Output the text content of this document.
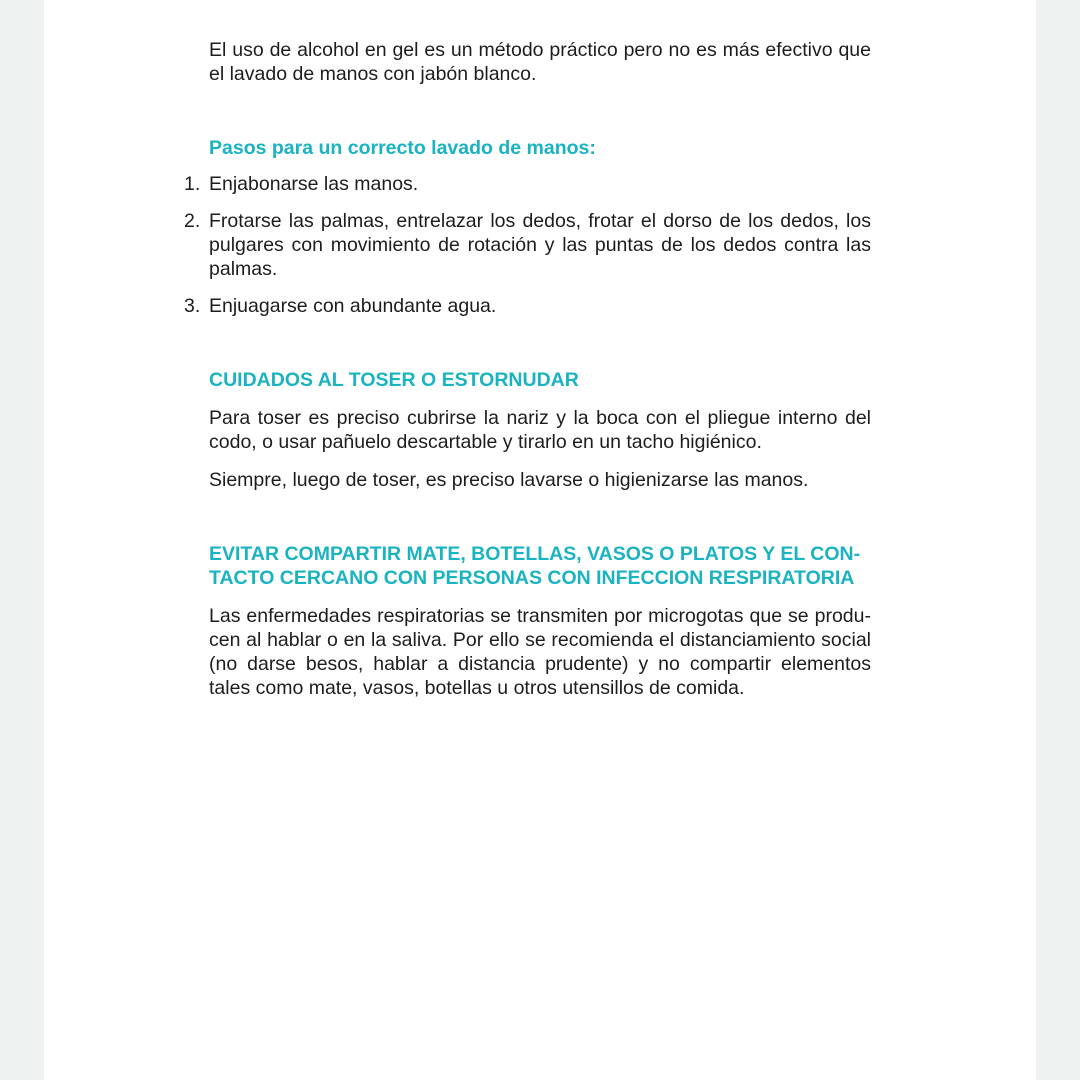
El uso de alcohol en gel es un método práctico pero no es más efectivo que el lavado de manos con jabón blanco.

Pasos para un correcto lavado de manos:
1. Enjabonarse las manos.
2. Frotarse las palmas, entrelazar los dedos, frotar el dorso de los dedos, los pulgares con movimiento de rotación y las puntas de los dedos contra las palmas.
3. Enjuagarse con abundante agua.
CUIDADOS AL TOSER O ESTORNUDAR

Para toser es preciso cubrirse la nariz y la boca con el pliegue interno del codo, o usar pañuelo descartable y tirarlo en un tacho higiénico.

Siempre, luego de toser, es preciso lavarse o higienizarse las manos.

EVITAR COMPARTIR MATE, BOTELLAS, VASOS O PLATOS Y EL CON-
TACTO CERCANO CON PERSONAS CON INFECCION RESPIRATORIA

Las enfermedades respiratorias se transmiten por microgotas que se produ- cen al hablar o en la saliva. Por ello se recomienda el distanciamiento social (no darse besos, hablar a distancia prudente) y no compartir elementos tales como mate, vasos, botellas u otros utensillos de comida.
